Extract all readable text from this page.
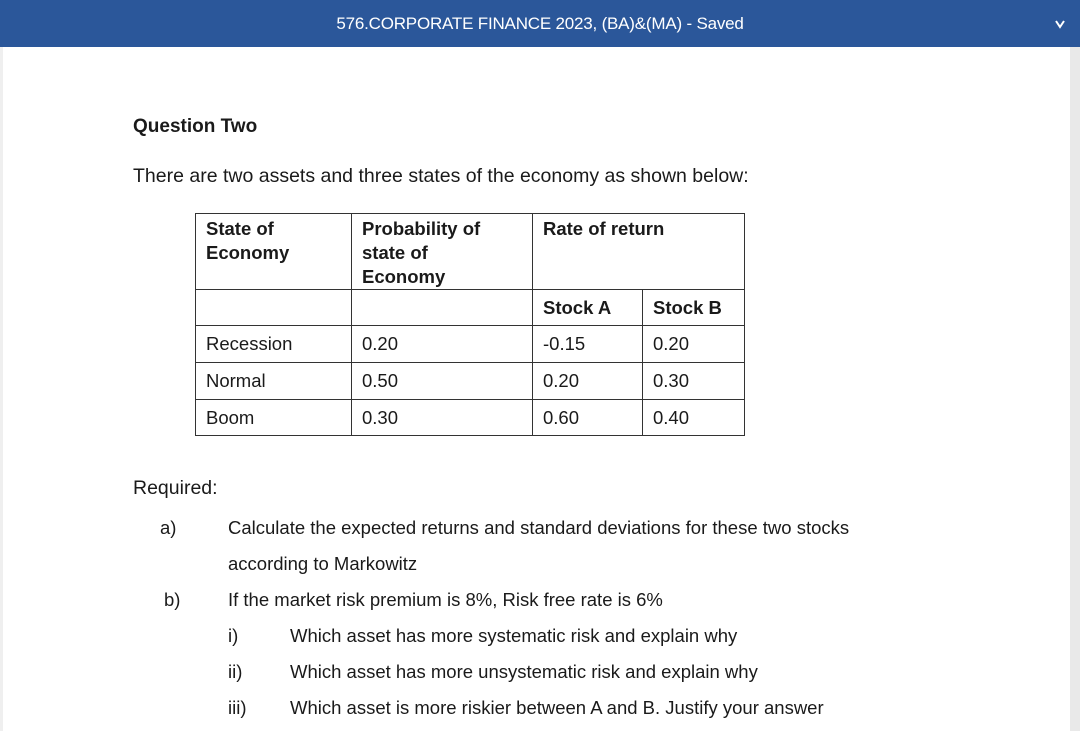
576.CORPORATE FINANCE 2023, (BA)&(MA) - Saved
Question Two
There are two assets and three states of the economy as shown below:
State of Economy	Probability of state of Economy	Rate of return	

		Stock A	Stock B
Recession	0.20	-0.15	0.20
Normal	0.50	0.20	0.30
Boom	0.30	0.60	0.40
Required:
a)	Calculate the expected returns and standard deviations for these two stocks
according to Markowitz
b)	If the market risk premium is 8%, Risk free rate is 6%
i)	Which asset has more systematic risk and explain why
ii)	Which asset has more unsystematic risk and explain why
iii) Which asset is more riskier between A and B. Justify your answer
